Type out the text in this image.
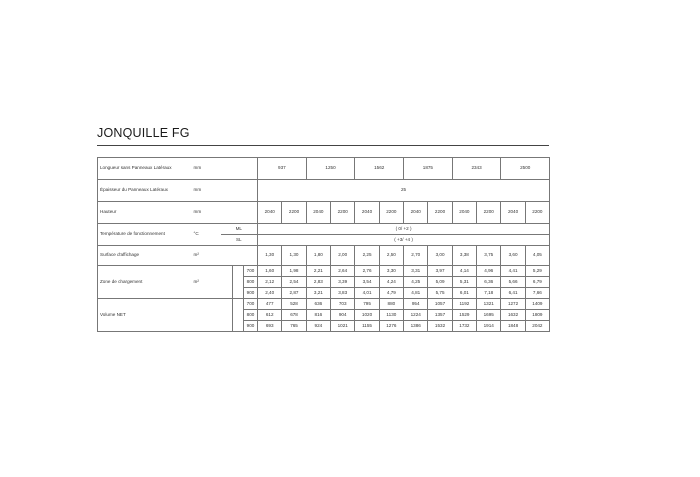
JONQUILLE FG
Longueur sans Panneaux Latéraux	mm				937		1250		1562		1875		2343		2500	
Épaisseur du Panneaux Latéraux	mm				25											
Hauteur	mm				2040	2200	2040	2200	2040	2200	2040	2200	2040	2200	2040	2200
Température de fonctionnement	°C	ML			( 0/ +2 )											
		SL			( +3/ +4 )											
Surface d'affichage	m²				1,30	1,30	1,80	2,00	2,25	2,50	2,70	3,00	3,38	3,75	3,60	4,05
Zone de chargement	m²			700	1,60	1,98	2,21	2,64	2,76	3,30	3,31	3,97	4,14	4,96	4,41	5,29
				800	2,12	2,54	2,83	3,39	3,54	4,24	4,25	5,09	5,31	6,36	5,66	6,79
				900	2,40	2,87	3,21	3,83	4,01	4,79	4,81	5,75	6,01	7,18	6,41	7,66
Volume NET				700	477	528	636	703	795	880	954	1057	1192	1321	1272	1409
				800	612	678	816	904	1020	1130	1224	1357	1529	1695	1632	1809
				900	693	765	924	1021	1155	1276	1386	1532	1732	1914	1848	2042
